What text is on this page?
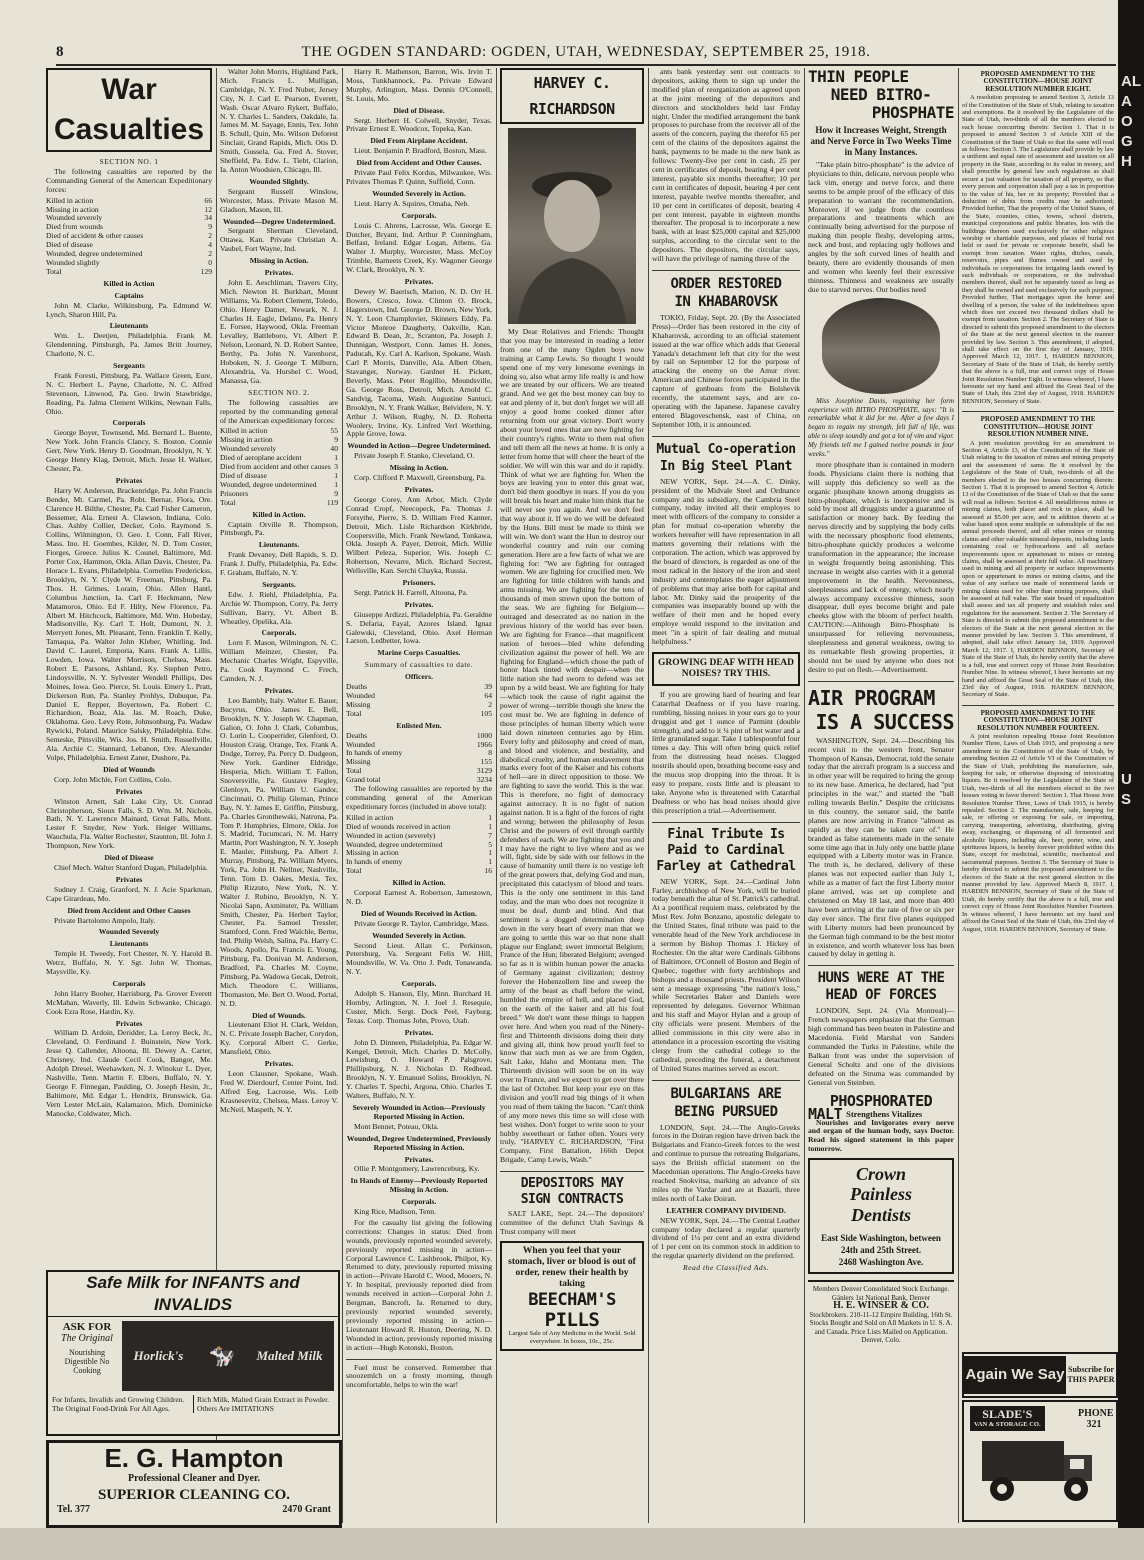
8	THE OGDEN STANDARD: OGDEN, UTAH, WEDNESDAY, SEPTEMBER 25, 1918.
War Casualties
SECTION NO. 1

The following casualties are reported by the Commanding General of the American Expeditionary forces:

Killed in action	66
Missing in action	12
Wounded severely	34
Died from wounds	9
Died of accident & other causes	2
Died of disease	4
Wounded, degree undetermined	2
Wounded slightly	0
Total	129
Killed in Action
Captains

John M. Clarke, Wilkinsburg, Pa. Edmund W. Lynch, Sharon Hill, Pa.

Lieutenants

Wm. L. Deetjen, Philadelphia. Frank M. Glendenning, Pittsburgh, Pa. James Britt Journey, Charlotte, N. C.

Sergeants

Frank Foresti, Pittsburg, Pa. Wallace Green, Eure, N. C. Herbert L. Payne, Charlotte, N. C. Alfred Stevenson, Linwood, Pa. Geo. Irwin Stawbridge, Reading, Pa. Jalma Clement Wilkins, Newnan Falls, Ohio.

Corporals

George Boyer, Townsend, Md. Bernard L. Buente, New York. John Francis Clancy, S. Boston. Connie Gerr, New York. Henry D. Goodman, Brooklyn, N. Y. George Henry Klag, Detroit, Mich. Jesse H. Walker, Chester, Pa.

Privates

Harry W. Anderson, Brackenridge, Pa. John Francis Bender, Mt. Carmel, Pa. Robt. Bernar, Flora, Ore. Clarence H. Bilthe, Chester, Pa. Carl Fisher Cameron, Bessemer, Ala. Ernest A. Clawson, Indiana, Colo. Chas. Ashby Collier, Decker, Colo. Raymond S. Collins, Wilmington, O. Geo. I. Conn, Fall River, Mass. Ino. H. Goembes, Kilder, N. D. Tom Coster, Fiorges, Greece. Julius K. Counel, Baltimore, Md. Porter Cox, Hammon, Okla. Allan Davis, Chester, Pa. Horace L. Evans, Philadelphia. Cornelius Frederickss, Brooklyn, N. Y. Clyde W. Freeman, Pittsburg, Pa. Thos. H. Grimes, Lorain, Ohio. Allen Hantl, Columbus Junction, Ia. Carl F. Heckmann, New Matamoros, Ohio. Ed F. Hilty, New Florence, Pa. Albert M. Hitchcock, Baltimore, Md. Wm. Hobeday, Madisonville, Ky. Carl T. Holt, Dumont, N. J. Merryett Jones, Mt. Pleasant, Tenn. Franklin T. Kelly, Tamaqua, Pa. Walter John Kleber, Whitling, Ind. David C. Laurel, Emporia, Kans. Frank A. Lillis, Lowden, Iowa. Walter Morrison, Chelsea, Mass. Robert E. Parsons, Ashland, Ky. Stephen Petro, Lindoysville, N. Y. Sylvester Wendell Phillips, Des Moines, Iowa. Geo. Pierce, St. Louis. Emery L. Pratt, Dickerson Run, Pa. Stanley Prohlys, Dubuque, Pa. Daniel E. Repper, Boyertown, Pa. Robert C. Richardson, Boaz, Ala. Jas. M. Roach, Duke, Oklahoma. Geo. Levy Rote, Johnsonburg, Pa. Wadaw Rywicki, Poland. Maurice Salsky, Philadelphia. Edw. Semeske, Pittsville, Wis. Jos. H. Smith, Russellville, Ala. Archie C. Stannard, Lebanon, Ore. Alexander Volpe, Philadelphia. Ernest Zaner, Dushore, Pa.

Died of Wounds

Corp. John Michle, Fort Collins, Colo.

Privates

Winston Arnett, Salt Lake City, Ut. Conrad Christopherson, Sioux Falls, S. D. Wm. M. Nichols, Bath, N. Y. Lawrence Mainard, Great Falls, Mont. Lester F. Snyder, New York. Heiger Williams, Wauchula, Fla. Walter Rochester, Staunton, Ill. John J. Thompson, New York.

Died of Disease

Chief Mech. Walter Stanford Dugan, Philadelphia.

Privates

Sudney J. Craig, Granford, N. J. Acie Sparkman, Cape Girardeau, Mo.

Died from Accident and Other Causes

Private Bartolomo Ampolo, Italy.

Wounded Severely
Lieutenants

Temple H. Tweedy, Fort Chester, N. Y. Harold B. Wetrz, Buffalo, N. Y. Sgt. John W. Thomas, Maysville, Ky.

Corporals

John Harry Booher, Harrisburg, Pa. Grover Everett McMahan, Waverly, Ill. Edwin Schwanke, Chicago. Cook Ezra Rose, Hardin, Ky.

Privates

William D. Ardoin, Deridder, La. Leroy Beck, Jr., Cleveland, O. Ferdinand J. Buinstein, New York. Jesse Q. Callender, Altoona, Ill. Dewey A. Carter, Chrisney, Ind. Claude Cecil Cook, Bangor, Me. Adolph Dresel, Weehawken, N. J. Winokur L. Dyer, Nashville, Tenn. Martin F. Elbers, Buffalo, N. Y. George F. Finnegan, Paulding, O. Joseph Hesin, Jr., Baltimore, Md. Edgar L. Hendrix, Brunswick, Ga. Vern Lester McLain, Kalamazoo, Mich. Dominicke Manocke, Coldwater, Mich.

Safe Milk for INFANTS and INVALIDS
ASK FOR
The Original
Nourishing Digestible No Cooking
Horlick's 🐄 Malted Milk
For Infants, Invalids and Growing Children. The Original Food-Drink For All Ages.
Rich Milk, Malted Grain Extract in Powder. Others Are IMITATIONS
E. G. Hampton
Professional Cleaner and Dyer.
SUPERIOR CLEANING CO.
Tel. 377	2470 Grant

Walter John Morris, Highland Park, Mich. Francis L. Mulligan, Cambridge, N. Y. Fred Nuber, Jersey City, N. J. Carl E. Pearson, Everett, Wash. Oscar Alvaro Rykert, Buffalo, N. Y. Charles L. Sanders, Oakdale, Ia. James M. M. Sayage, Ennis, Tex. John B. Schull, Quin, Mo. Wilson Deforest Sinclair, Grand Rapids, Mich. Otis D. Smith, Gussela, Ga. Fred A. Stover, Sheffield, Pa. Edw. L. Tiebt, Clarion, Ia. Anton Woodsien, Chicago, Ill.

Wounded Slightly.

Sergeant Russell Winslow, Worcester, Mass. Private Mason M. Gladson, Mason, Ill.

Wounded—Degree Undetermined.

Sergeant Sherman Cleveland, Ottawa, Kan. Private Christian A. Vaubel, Fort Wayne, Ind.

Missing in Action.
Privates.

John E. Aeschliman, Travers City, Mich. Newton H. Burkhart, Mount Williams, Va. Robert Clement, Toledo, Ohio. Henry Damer, Newark, N. J. Charles H. Eagle, Delano, Pa. Henry E. Forsee, Haywood, Okla. Freeman Levalley, Battleboro, Vt. Albert P. Nelson, Leonard, N. D. Robert Santee, Berthy, Pa. John N. Varenhorst, Hoboken, N. J. George T. Milburn, Alexandria, Va. Hurshel C. Wood, Manassa, Ga.

SECTION NO. 2.

The following casualties are reported by the commanding general of the American expeditionary forces:

Killed in action	55
Missing in action	9
Wounded severely	40
Died of aeroplane accident	1
Died from accident and other causes 3
Died of disease	1
Wounded, degree undetermined 1
Prisoners	9
Total	119
Killed in Action.

Captain Orville R. Thompson, Pittsburgh, Pa.

Lieutenants.

Frank Devaney, Dell Rapids, S. D. Frank J. Duffy, Philadelphia, Pa. Edw. F. Graham, Buffalo, N. Y.

Sergeants.

Edw. J. Riehl, Philadelphia, Pa. Archie W. Thompson, Corry, Pa. Jerry Sullivan, Barry, Vt. Albert B. Wheatley, Opelika, Ala.

Corporals.

Lorn F. Mason, Wilmington, N. C. William Meinzer, Chester, Pa. Mechanic Charles Wright, Espyville, Pa. Cook Raymond C. Frech, Camden, N. J.

Privates.

Leo Bambly, Italy. Walter E. Bauer, Bucyrus, Ohio. James E. Bell, Brooklyn, N. Y. Joseph W. Chapman, Galion, O. John J. Clark, Columbus, O. Lorin L. Cooperrider, Glenford, O. Houston Craig, Orange, Tex. Frank A. Dodge, Torrey, Pa. Percy D. Dudgeon, New York. Gardiner Eldridge, Hesperia, Mich. William T. Fallon, Snoversville, Pa. Gustave Fiegley, Glenloyn, Pa. William U. Gandor, Cincinnati, O. Philip Gleman, Prince Bay, N. Y. James E. Griffin, Pittsburg, Pa. Charles Gronthewski, Natrona, Pa. Tom P. Humphries, Elmore, Okla. Joe S. Madrid, Tucumcari, N. M. Harry Martin, Port Washington, N. Y. Joseph E. Mauler, Pittsburg, Pa. Albert J. Murray, Pittsburg, Pa. William Myers, York, Pa. John H. Nellner, Nashville, Tenn. Tom D. Oakes, Mexia, Tex. Philip Rizzuto, New York, N. Y. Walter J. Rubino, Brooklyn, N. Y. Nicolai Sapn, Axminster, Pa. William Smith, Chester, Pa. Herbert Taylor, Chester, Pa. Samuel Tressler, Stamford, Conn. Fred Walchle, Berne, Ind. Philip Welsh, Salina, Pa. Harry C. Woods, Apollo, Pa. Francis E. Young, Pittsburg, Pa. Donivan M. Anderson, Bradford, Pa. Charles M. Coyne, Pittsburg, Pa. Wadowa Gecak, Detroit, Mich. Theodore C. Williams, Thomaston, Me. Bert O. Wood, Portal, N. D.

Died of Wounds.

Lieutenant Eliot H. Clark, Weldon, N. C. Private Joseph Bacher, Corydon, Ky. Corporal Albert C. Gerke, Mansfield, Ohio.

Privates.

Leon Clausner, Spokane, Wash. Fred W. Dierdourf, Center Point, Ind. Alfred Eeg, Lacrosse, Wis. Leib Krasnesevitz, Chelsea, Mass. Leroy V. McNeil, Maspeth, N. Y.

Harry R. Mathenson, Barron, Wis. Irvin T. Moss, Tunkhannock, Pa. Private Edward Murphy, Arlington, Mass. Dennis O'Connell, St. Louis, Mo.

Died of Disease.

Sergt. Herbert H. Colwell, Snyder, Texas. Private Ernest E. Woodcox, Topeka, Kan.

Died From Airplane Accident.

Lieut. Benjamin P. Bradford, Boston, Mass.

Died from Accident and Other Causes.

Private Paul Felix Kordus, Milwaukee, Wis. Privates Thomas P. Quinn, Suffield, Conn.

Wounded Severely in Action.

Lieut. Harry A. Squires, Omaha, Neb.

Corporals.

Louis C. Ahrens, Lacrosse, Wis. George E. Dutcher, Bryant, Ind. Arthur P. Cunningham, Belfast, Ireland. Edgar Logan, Athens, Ga. Walter J. Murphy, Worcester, Mass. McCoy Trimble, Barneets Creek, Ky. Wagoner George W. Clark, Brooklyn, N. Y.

Privates.

Dewey W. Baerisch, Marion, N. D. Orr H. Bowers, Cresco, Iowa. Clinton O. Brock, Hagerstown, Ind. George D. Brown, New York, N. Y. Leon Champluvier, Skinners Eddy, Pa. Victor Monroe Daugherty, Oakville, Kan. Edward B. Dean, Jr., Scranton, Pa. Joseph J. Dunnigan, Westport, Conn. James H. Jones, Paducah, Ky. Carl A. Karlson, Spokane, Wash. Carl P. Morris, Danville, Ala. Albert Olsen, Stavanger, Norway. Gardner H. Pickett, Beverly, Mass. Peter Rogillio, Moundsville, Ga. George Ross, Detroit, Mich. Arnold C. Sandvig, Tacoma, Wash. Augustine Santuci, Brooklyn, N. Y. Frank Walker, Belvidere, N. Y. Arthur J. Wilson, Rugby, N. D. Roberta Woolery, Irvine, Ky. Linfred Verl Worthing, Apple Grove, Iowa.

Wounded in Action—Degree Undetermined.

Private Joseph F. Stanko, Cleveland, O.

Missing in Action.

Corp. Clifford P. Maxwell, Greensburg, Pa.

Privates.

George Corey, Ann Arbor, Mich. Clyde Conrad Cropf, Neecopeck, Pa. Thomas J. Forsythe, Pierre, S. D. William Fred Kanner, Detroit, Mich. Lisle Richardson Kirkbride, Coopersville, Mich. Frank Newland, Tonkawa, Okla. Joseph A. Payer, Detroit, Mich. Willie Wilbert Peleza, Superior, Wis. Joseph C. Robertson, Nevarre, Mich. Richard Secrest, Wellsville, Kan. Serchi Chayka, Russia.

Prisoners.

Sergt. Patrick H. Farrell, Altoona, Pa.

Privates.

Giuseppe Ardizzi, Philadelphia, Pa. Geraldne S. Defaria, Fayal, Azores Island. Ignaz Galewski, Cleveland, Ohio. Axel Herman Larson, Ledbetter, Iowa.

Marine Corps Casualties.
Summary of casualties to date.
Officers.
Deaths	39
Wounded	64
Missing	2
Total	105
Enlisted Men.
Deaths	1000
Wounded	1966
In hands of enemy	8
Missing	155
Total	3129
Grand total	3234

The following casualties are reported by the commanding general of the American expeditionary forces (included in above total):

Killed in action	1
Died of wounds received in action	1
Wounded in action (severely)	7
Wounded, degree undetermined	5
Missing in action	1
In hands of enemy	1
Total	16
Killed in Action.

Corporal Earnest A. Robertson, Jamestown, N. D.

Died of Wounds Received in Action.

Private George R. Taylor, Cambridge, Mass.

Wounded Severely in Action.

Second Lieut. Allan C. Perkinson, Petersburg, Va. Sergeant Felix W. Hill, Moundsville, W. Va. Otto J. Pedt, Tonawanda, N. Y.

Corporals.

Adolph S. Hanson, Ely, Minn. Burchard H. Hornby, Arlington, N. J. Joel J. Resequie, Custer, Mich. Sergt. Dock Peel, Fayburg, Texas. Corp. Thomas John, Provo, Utah.

Privates.

John D. Dinneen, Philadelphia, Pa. Edgar W. Kengel, Detroit, Mich. Charles D. McColly, Lewisburg, O. Howard P. Palsgrove, Phillipsburg, N. J. Nicholas D. Redhead, Brooklyn, N. Y. Emanuel Solins, Brooklyn, N. Y. Charles T. Spechi, Argona, Ohio. Charles T. Walters, Buffalo, N. Y.

Severely Wounded in Action—Previously Reported Missing in Action.

Mont Bennet, Poteau, Okla.

Wounded, Degree Undetermined, Previously Reported Missing in Action.
Privates.

Ollie P. Montgomery, Lawrenceburg, Ky.

In Hands of Enemy—Previously Reported Missing in Action.
Corporals.

King Rice, Madison, Tenn.

For the casualty list giving the following corrections: Changes in status: Died from wounds, previously reported wounded severely, previously reported missing in action—Corporal Lawrence C. Lashbrook, Philpot, Ky. Returned to duty, previously reported missing in action—Private Harold C. Wood, Mooers, N. Y. In hospital, previously reported died from wounds received in action—Corporal John J. Bergman, Bancroft, Ia. Returned to duty, previously reported wounded severely, previously reported missing in action—Lieutenant Howard R. Huston, Deering, N. D. Wounded in action, previously reported missing in action—Hugh Kotonski, Boston.

Fuel must be conserved. Remember that snoozemlch on a frosty morning, though uncomfortable, helps to win the war!

HARVEY C. RICHARDSON

My Dear Relatives and Friends: Thought that you may be interested in reading a letter from one of the many Ogden boys now training at Camp Lewis. So thought I would spend one of my very lonesome evenings in doing so, also what army life really is and how we are treated by our officers. We are treated grand. And we get the best money can buy to eat and plenty of it, but don't forget we will all enjoy a good home cooked dinner after returning from our great victory. Don't worry about your loved ones that are now fighting for their country's rights. Write to them real often and tell them all the news at home. It is only a letter from home that will cheer the heart of the soldier. We will win this war and do it rapidly. Think of what we are fighting for. When the boys are leaving you to enter this great war, don't bid them goodbye in tears. If you do you will break his heart and make him think that he will never see you again. And we don't feel that way about it. If we do we will be defeated by the Huns. Bill must be made to think we will win. We don't want the Hun to destroy our wonderful country and ruin our coming generation. Here are a few facts of what we are fighting for: "We are fighting for outraged women. We are fighting for crucified men. We are fighting for little children with hands and arms missing. We are fighting for the tens of thousands of men strewn upon the bottom of the seas. We are fighting for Belgium—outraged and desecrated as no nation in the previous history of the world has ever been. We are fighting for France—that magnificent nation of heroes—bled white defending civilization against the power of hell. We are fighting for England—which chose the path of honor black tinted with despair—when the little nation she had sworn to defend was set upon by a wild beast. We are fighting for Italy—which took the cause of right against the power of wrong—terrible though she knew the cost must be. We are fighting in defence of those principles of human liberty which were laid down nineteen centuries ago by Him. Every lofty and philosophy and creed of man, and blood and violence, and bestiality, and diabolical cruelty, and human enslavement that marks every foot of the Kaiser and his cohorts of hell—are in direct opposition to those. We are fighting to save the world. This is the war. This is therefore, no fight of democracy against autocracy. It is no fight of nation against nation. It is a fight of the forces of right and wrong; between the philosophy of Jesus Christ and the powers of evil through earthly defenders of each. We are fighting that you and I may have the right to live where and as we will, fight, side by side with our fellows in the cause of humanity until there is no vestige left of the great powers that, defying God and man, precipitated this cataclysm of blood and tears. This is the only one sentiment in this land today, and the man who does not recognize it must be deaf, dumb and blind. And that sentiment is a dogged determination deep down in the very heart of every man that we are going to settle this war so that none shall plague our England; sweet immortal Belgium; France of the Hun; liberated Belgium; avenged so far as it is within human power the attacks of Germany against civilization; destroy forever the Hohenzollern line and sweep the army of the beast as chaff before the wind, humbled the empire of hell, and placed God, on the earth of the kaiser and all his foul breed." We don't want these things to happen over here. And when you read of the Ninety-first and Thirteenth divisions doing their duty and giving all, think how proud you'll feel to know that such men as we are from Ogden, Salt Lake, Idaho and Montana men. The Thirteenth division will soon be on its way over to France, and we expect to get over there the last of October. But keep your eye on this division and you'll read big things of it when you read of them taking the bacon. "Can't think of any more news this time so will close with best wishes. Don't forget to write soon to your hubby sweetheart or father often. Yours very truly, "HARVEY C. RICHARDSON, "First Company, First Battalion, 166th Depot Brigade, Camp Lewis, Wash."

DEPOSITORS MAY
SIGN CONTRACTS

SALT LAKE, Sept. 24.—The depositors' committee of the defunct Utah Savings & Trust company will meet

When you feel that your stomach, liver or blood is out of order, renew their health by taking
BEECHAM'S
PILLS
Largest Sale of Any Medicine in the World. Sold everywhere. In boxes, 10c., 25c.

ants bank yesterday sent out contracts to depositors, asking them to sign up under the modified plan of reorganization as agreed upon at the joint meeting of the depositors and directors and stockholders held last Friday night. Under the modified arrangement the bank proposes to purchase from the receiver all of the assets of the concern, paying the therefor 65 per cent of the claims of the depositors against the bank, payments to be made to the new bank as follows: Twenty-five per cent in cash, 25 per cent in certificates of deposit, bearing 4 per cent interest, payable six months thereafter; 10 per cent in certificates of deposit, bearing 4 per cent interest, payable twelve months thereafter, and 10 per cent in certificates of deposit, bearing 4 per cent interest, payable in eighteen months thereafter. The proposal is to incorporate a new bank, with at least $25,000 capital and $25,000 surplus, according to the circular sent to the depositors. The depositors, the circular says, will have the privilege of naming three of the

ORDER RESTORED
IN KHABAROVSK

TOKIO, Friday, Sept. 20. (By the Associated Press)—Order has been restored in the city of Khabarovsk, according to an official statement issued at the war office which adds that General Yanada's detachment left that city for the west by rail on September 12 for the purpose of attacking the enemy on the Amur river. American and Chinese forces participated in the capture of gunboats from the Bolshevik recently, the statement says, and are co-operating with the Japanese. Japanese cavalry entered Blagoveschensk, east of China, on September 10th, it is announced.

Mutual Co-operation
In Big Steel Plant

NEW YORK, Sept. 24.—A. C. Dinky, president of the Midvale Steel and Ordnance company and its subsidiary, the Cambria Steel company, today invited all their employes to meet with officers of the company to consider a plan for mutual co-operation whereby the workers hereafter will have representation in all matters governing their relations with the corporation. The action, which was approved by the board of directors, is regarded as one of the most radical in the history of the iron and steel industry and contemplates the eager adjustment of problems that may arise both for capital and labor. Mr. Dinky said the prosperity of the companies was inseparably bound up with the welfare of their men and he hoped every employe would respond to the invitation and meet "in a spirit of fair dealing and mutual helpfulness."

GROWING DEAF WITH HEAD NOISES? TRY THIS.

If you are growing hard of hearing and fear Catarrhal Deafness or if you have roaring, rumbling, hissing noises in your ears go to your druggist and get 1 ounce of Parmint (double strength), and add to it ¼ pint of hot water and a little granulated sugar. Take 1 tablespoonful four times a day. This will often bring quick relief from the distressing head noises. Clogged nostrils should open, breathing become easy and the mucus stop dropping into the throat. It is easy to prepare, costs little and is pleasant to take. Anyone who is threatened with Catarrhal Deafness or who has head noises should give this prescription a trial.—Advertisement.

Final Tribute Is
Paid to Cardinal
Farley at Cathedral

NEW YORK, Sept. 24.—Cardinal John Farley, archbishop of New York, will be buried today beneath the altar of St. Patrick's cathedral. At a pontifical requiem mass, celebrated by the Most Rev. John Bonzano, apostolic delegate to the United States, final tribute was paid to the venerable head of the New York archdiocese in a sermon by Bishop Thomas J. Hickey of Rochester. On the altar were Cardinals Gibbons of Baltimore, O'Connell of Boston and Begin of Quebec, together with forty archbishops and bishops and a thousand priests. President Wilson sent a message expressing "the nation's loss," while Secretaries Baker and Daniels were represented by delegates. Governor Whitman and his staff and Mayor Hylan and a group of city officials were present. Members of the allied commissions in this city were also in attendance in a procession escorting the visiting clergy from the cathedral college to the cathedral, preceding the funeral, a detachment of United States marines served as escort.

BULGARIANS ARE
BEING PURSUED

LONDON, Sept. 24.—The Anglo-Greeks forces in the Doiran region have driven back the Bulgarians and Franco-Greek forces to the west and continue to pursue the retreating Bulgarians, says the British official statement on the Macedonian operations. The Anglo-Greeks have reached Snokvitsa, marking an advance of six miles up the Vardar and are at Bazarli, three miles north of Lake Doiran.

LEATHER COMPANY DIVIDEND.

NEW YORK, Sept. 24.—The Central Leather company today declared a regular quarterly dividend of 1¼ per cent and an extra dividend of 1 per cent on its common stock in addition to the regular quarterly dividend on the preferred.

Read the Classified Ads.
THIN PEOPLE
NEED BITRO-
PHOSPHATE
How it Increases Weight, Strength and Nerve Force in Two Weeks Time in Many Instances.

"Take plain bitro-phosphate" is the advice of physicians to thin, delicate, nervous people who lack vim, energy and nerve force, and there seems to be ample proof of the efficacy of this preparation to warrant the recommendation. Moreover, if we judge from the countless preparations and treatments which are continually being advertised for the purpose of making thin people fleshy, developing arms, neck and bust, and replacing ugly hollows and angles by the soft curved lines of health and beauty, there are evidently thousands of men and women who keenly feel their excessive thinness. Thinness and weakness are usually due to starved nerves. Our bodies need

Miss Josephine Davis, regaining her form experience with BITRO PHOSPHATE, says: "It is remarkable what it did for me. After a few days I began to regain my strength, felt full of life, was able to sleep soundly and got a lot of vim and vigor. My friends tell me I gained twelve pounds in four weeks."

more phosphate than is contained in modern foods. Physicians claim there is nothing that will supply this deficiency so well as the organic phosphate known among druggists as bitro-phosphate, which is inexpensive and is sold by most all druggists under a guarantee of satisfaction or money back. By feeding the nerves directly and by supplying the body cells with the necessary phosphoric food elements, bitro-phosphate quickly produces a welcome transformation in the appearance; the increase in weight frequently being astonishing. This increase in weight also carries with it a general improvement in the health. Nervousness, sleeplessness and lack of energy, which nearly always accompany excessive thinness, soon disappear, dull eyes become bright and pale cheeks glow with the bloom of perfect health. CAUTION:—Although Bitro-Phosphate is unsurpassed for relieving nervousness, sleeplessness and general weakness, owing to its remarkable flesh growing properties, it should not be used by anyone who does not desire to put on flesh.—Advertisement.

AIR PROGRAM
IS A SUCCESS

WASHINGTON, Sept. 24.—Describing his recent visit to the western front, Senator Thompson of Kansas, Democrat, told the senate today that the aircraft program is a success and in other year will be required to bring the group to its new base. America, he declared, had "put principles in the war," and started the "ball rolling towards Berlin." Despite the criticisms in this country, the senator said, the battle planes are now arriving in France "almost as rapidly as they can be taken care of." He branded as false statements made in the senate some time ago that in July only one battle plane equipped with a Liberty motor was in France. The truth is, he declared, delivery of these planes was not expected earlier than July 1, while as a matter of fact the first Liberty motor plane arrived, was set up complete and christened on May 18 last, and more than 400 have been arriving at the rate of five or six per day ever since. The first five planes equipped with Liberty motors had been pronounced by the German high command to be the best motor in existence, and worth whatever loss has been caused by delay in getting it.

HUNS WERE AT THE
HEAD OF FORCES

LONDON, Sept. 24. (Via Montreal)—French newspapers emphasize that the German high command has been beaten in Palestine and Macedonia. Field Marshal von Sanders commanded the Turks in Palestine, while the Balkan front was under the supervision of General Scholtz and one of the divisions defeated on the Struma was commanded by General von Steinben.

PHOSPHORATED
MALT Strengthens Vitalizes

Nourishes and Invigorates every nerve and organ of the human body, says Doctor. Read his signed statement in this paper tomorrow.

Crown
Painless
Dentists
East Side Washington, between
24th and 25th Street.
2468 Washington Ave.
Members Denver Consolidated Stock Exchange. Gänlers 1st National Bank, Denver
H. E. WINSER & CO.
Stockbrokers. 210-11-12 Empire Building, 16th St. Stocks Bought and Sold on All Markets in U. S. A. and Canada. Price Lists Mailed on Application. Denver, Colo.
PROPOSED AMENDMENT TO THE CONSTITUTION—HOUSE JOINT RESOLUTION NUMBER EIGHT.

A resolution proposing to amend Section 3, Article 13 of the Constitution of the State of Utah, relating to taxation and exemptions. Be it resolved by the Legislature of the State of Utah, two-thirds of all the members elected to each house concurring therein: Section 1. That it is proposed to amend Section 3 of Article XIII of the Constitution of the State of Utah so that the same will read as follows: Section 3. The Legislature shall provide by law a uniform and equal rate of assessment and taxation on all property in the State, according to its value in money, and shall prescribe by general law such regulations as shall secure a just valuation for taxation of all property, so that every person and corporation shall pay a tax in proportion to the value of his, her or its property; Provided that a deduction of debts from credits may be authorized; Provided further, That the property of the United States, of the State, counties, cities, towns, school districts, municipal corporations and public libraries, lots with the buildings thereon used exclusively for either religious worship or charitable purposes, and places of burial not held or used for private or corporate benefit, shall be exempt from taxation. Water rights, ditches, canals, reservoirs, pipes and flumes owned and used by individuals or corporations for irrigating lands owned by such individuals or corporations, or the individual members thereof, shall not be separately taxed as long as they shall be owned and used exclusively for such purpose; Provided further, That mortgages upon the home and dwelling of a person, the value of the indebtedness upon which does not exceed two thousand dollars shall be exempt from taxation. Section 2. The Secretary of State is directed to submit this proposed amendment to the electors of the State at the next general election in the manner provided by law. Section 3. This amendment, if adopted, shall take effect on the first day of January, 1919. Approved March 12, 1917. I, HARDEN BENNION, Secretary of State of the State of Utah, do hereby certify that the above is a full, true and correct copy of House Joint Resolution Number Eight. In witness whereof, I have hereunto set my hand and affixed the Great Seal of the State of Utah, this 23rd day of August, 1918. HARDEN BENNION, Secretary of State.

PROPOSED AMENDMENT TO THE CONSTITUTION—HOUSE JOINT RESOLUTION NUMBER NINE.

A joint resolution providing for an amendment to Section 4, Article 13, of the Constitution of the State of Utah relating to the taxation of mines and mining property and the assessment of same. Be it resolved by the Legislature of the State of Utah, two-thirds of all the members elected to the two houses concurring therein: Section 1. That it is proposed to amend Section 4, Article 13 of the Constitution of the State of Utah so that the same will read as follows: Section 4. All metalliferous mines or mining claims, both placer and rock in place, shall be assessed at $5.00 per acre, and in addition thereto at a value based upon some multiple or submultiple of the net annual proceeds thereof, and all other mines or mining claims and other valuable mineral deposits, including lands containing coal or hydrocarbons and all surface improvements upon or appurtenant to mines or mining claims, shall be assessed at their full value. All machinery used in mining and all property or surface improvements upon or appurtenant to mines or mining claims, and the value of any surface use made of nonmineral lands or mining claims used for other than mining purposes, shall be assessed at full value. The state board of equalization shall assess and tax all property and establish rules and regulations for the assessment. Section 2. The Secretary of State is directed to submit this proposed amendment to the electors of the State at the next general election in the manner provided by law. Section 3. This amendment, if adopted, shall take effect January 1st, 1919. Approved March 12, 1917. I, HARDEN BENNION, Secretary of State of the State of Utah, do hereby certify that the above is a full, true and correct copy of House Joint Resolution Number Nine. In witness whereof, I have hereunto set my hand and affixed the Great Seal of the State of Utah, this 23rd day of August, 1918. HARDEN BENNION, Secretary of State.

PROPOSED AMENDMENT TO THE CONSTITUTION—HOUSE JOINT RESOLUTION NUMBER FOURTEEN.

A joint resolution repealing House Joint Resolution Number Three, Laws of Utah 1915, and proposing a new amendment to the Constitution of the State of Utah, by amending Section 22 of Article VI of the Constitution of the State of Utah, prohibiting the manufacture, sale, keeping for sale, or otherwise disposing of intoxicating liquors. Be it resolved by the Legislature of the State of Utah, two-thirds of all the members elected to the two houses voting in favor thereof: Section 1. That House Joint Resolution Number Three, Laws of Utah 1915, is hereby repealed. Section 2. The manufacture, sale, keeping for sale, or offering or exposing for sale, or importing, carrying, transporting, advertising, distributing, giving away, exchanging, or dispensing of all fermented and alcoholic liquors, including ale, beer, porter, wine, and spirituous liquors, is hereby forever prohibited within this State, except for medicinal, scientific, mechanical and sacramental purposes. Section 3. The Secretary of State is hereby directed to submit the proposed amendment to the electors of the State at the next general election in the manner provided by law. Approved March 8, 1917. I, HARDEN BENNION, Secretary of State of the State of Utah, do hereby certify that the above is a full, true and correct copy of House Joint Resolution Number Fourteen. In witness whereof, I have hereunto set my hand and affixed the Great Seal of the State of Utah, this 23rd day of August, 1918. HARDEN BENNION, Secretary of State.

Again We Say Subscribe for THIS PAPER
SLADE'S
VAN & STORAGE CO.
PHONE 321
ALA OGH
US
